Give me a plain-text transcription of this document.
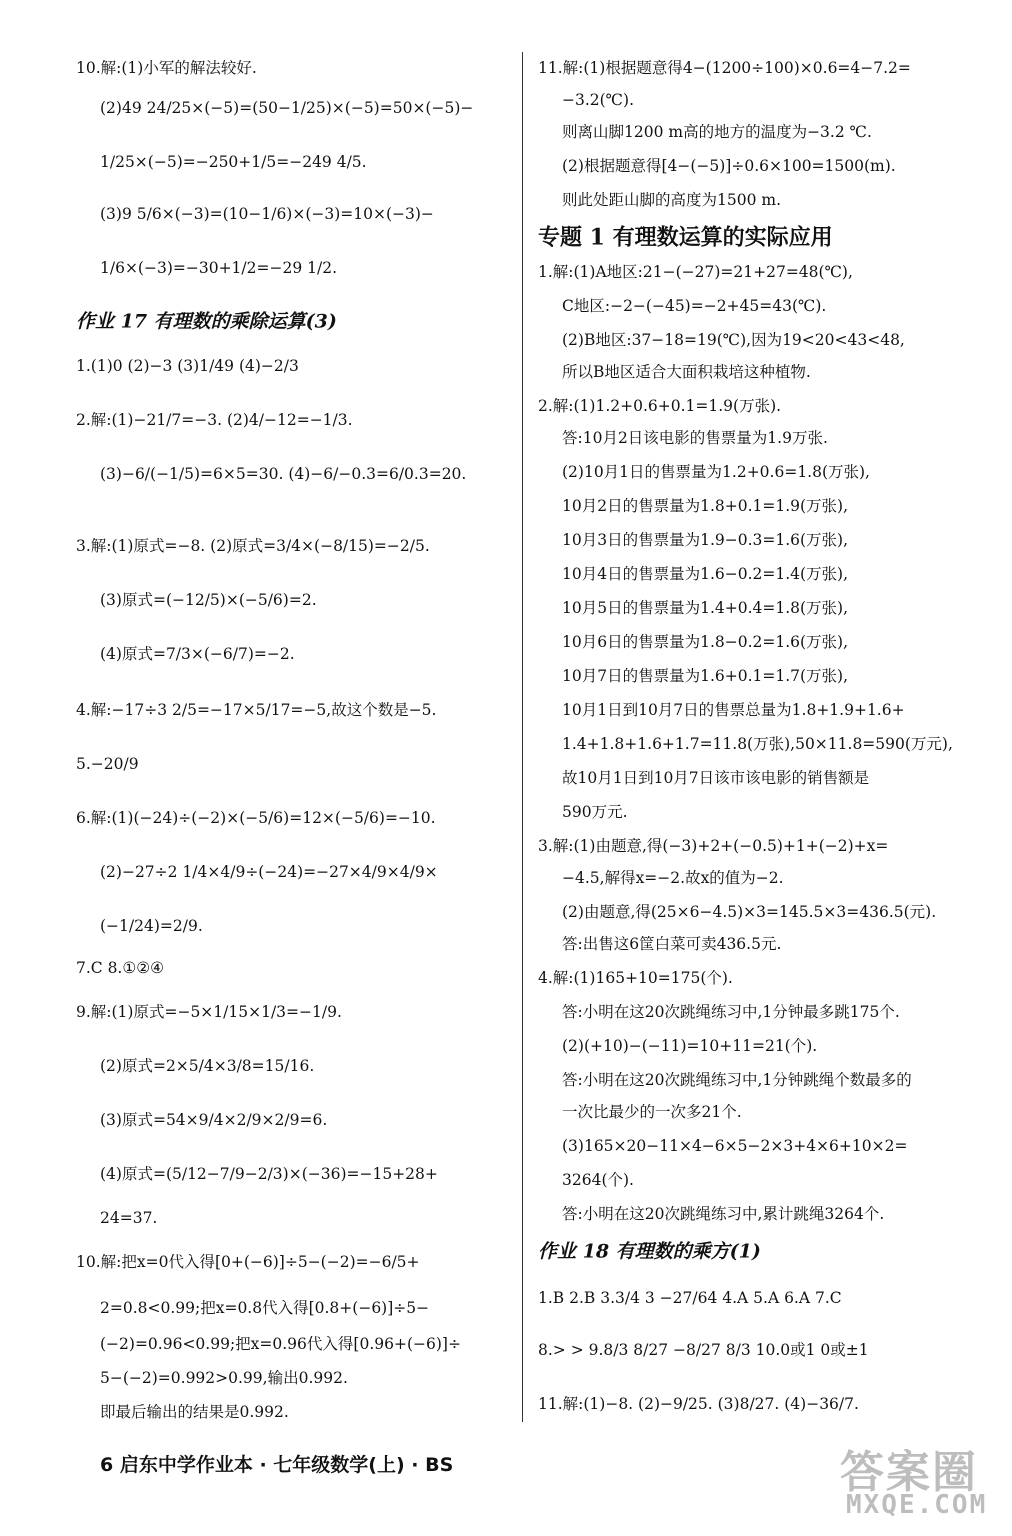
10.解:(1)小军的解法较好.
(2)49 24/25×(−5)=(50−1/25)×(−5)=50×(−5)−
1/25×(−5)=−250+1/5=−249 4/5.
(3)9 5/6×(−3)=(10−1/6)×(−3)=10×(−3)−
1/6×(−3)=−30+1/2=−29 1/2.
作业 17 有理数的乘除运算(3)
1.(1)0 (2)−3 (3)1/49 (4)−2/3
2.解:(1)−21/7=−3. (2)4/−12=−1/3.
(3)−6/(−1/5)=6×5=30. (4)−6/−0.3=6/0.3=20.
3.解:(1)原式=−8. (2)原式=3/4×(−8/15)=−2/5.
(3)原式=(−12/5)×(−5/6)=2.
(4)原式=7/3×(−6/7)=−2.
4.解:−17÷3 2/5=−17×5/17=−5,故这个数是−5.
5.−20/9
6.解:(1)(−24)÷(−2)×(−5/6)=12×(−5/6)=−10.
(2)−27÷2 1/4×4/9÷(−24)=−27×4/9×4/9×
(−1/24)=2/9.
7.C 8.①②④
9.解:(1)原式=−5×1/15×1/3=−1/9.
(2)原式=2×5/4×3/8=15/16.
(3)原式=54×9/4×2/9×2/9=6.
(4)原式=(5/12−7/9−2/3)×(−36)=−15+28+
24=37.
10.解:把x=0代入得[0+(−6)]÷5−(−2)=−6/5+
2=0.8<0.99;把x=0.8代入得[0.8+(−6)]÷5−
(−2)=0.96<0.99;把x=0.96代入得[0.96+(−6)]÷
5−(−2)=0.992>0.99,输出0.992.
即最后输出的结果是0.992.
11.解:(1)根据题意得4−(1200÷100)×0.6=4−7.2=
−3.2(℃).
则离山脚1200 m高的地方的温度为−3.2 ℃.
(2)根据题意得[4−(−5)]÷0.6×100=1500(m).
则此处距山脚的高度为1500 m.
专题 1 有理数运算的实际应用
1.解:(1)A地区:21−(−27)=21+27=48(℃),
C地区:−2−(−45)=−2+45=43(℃).
(2)B地区:37−18=19(℃),因为19<20<43<48,
所以B地区适合大面积栽培这种植物.
2.解:(1)1.2+0.6+0.1=1.9(万张).
答:10月2日该电影的售票量为1.9万张.
(2)10月1日的售票量为1.2+0.6=1.8(万张),
10月2日的售票量为1.8+0.1=1.9(万张),
10月3日的售票量为1.9−0.3=1.6(万张),
10月4日的售票量为1.6−0.2=1.4(万张),
10月5日的售票量为1.4+0.4=1.8(万张),
10月6日的售票量为1.8−0.2=1.6(万张),
10月7日的售票量为1.6+0.1=1.7(万张),
10月1日到10月7日的售票总量为1.8+1.9+1.6+
1.4+1.8+1.6+1.7=11.8(万张),50×11.8=590(万元),
故10月1日到10月7日该市该电影的销售额是
590万元.
3.解:(1)由题意,得(−3)+2+(−0.5)+1+(−2)+x=
−4.5,解得x=−2.故x的值为−2.
(2)由题意,得(25×6−4.5)×3=145.5×3=436.5(元).
答:出售这6筐白菜可卖436.5元.
4.解:(1)165+10=175(个).
答:小明在这20次跳绳练习中,1分钟最多跳175个.
(2)(+10)−(−11)=10+11=21(个).
答:小明在这20次跳绳练习中,1分钟跳绳个数最多的
一次比最少的一次多21个.
(3)165×20−11×4−6×5−2×3+4×6+10×2=
3264(个).
答:小明在这20次跳绳练习中,累计跳绳3264个.
作业 18 有理数的乘方(1)
1.B 2.B 3.3/4 3 −27/64 4.A 5.A 6.A 7.C
8.> > 9.8/3 8/27 −8/27 8/3 10.0或1 0或±1
11.解:(1)−8. (2)−9/25. (3)8/27. (4)−36/7.
6 启东中学作业本 · 七年级数学(上) · BS	答案圈
MXQE.COM
